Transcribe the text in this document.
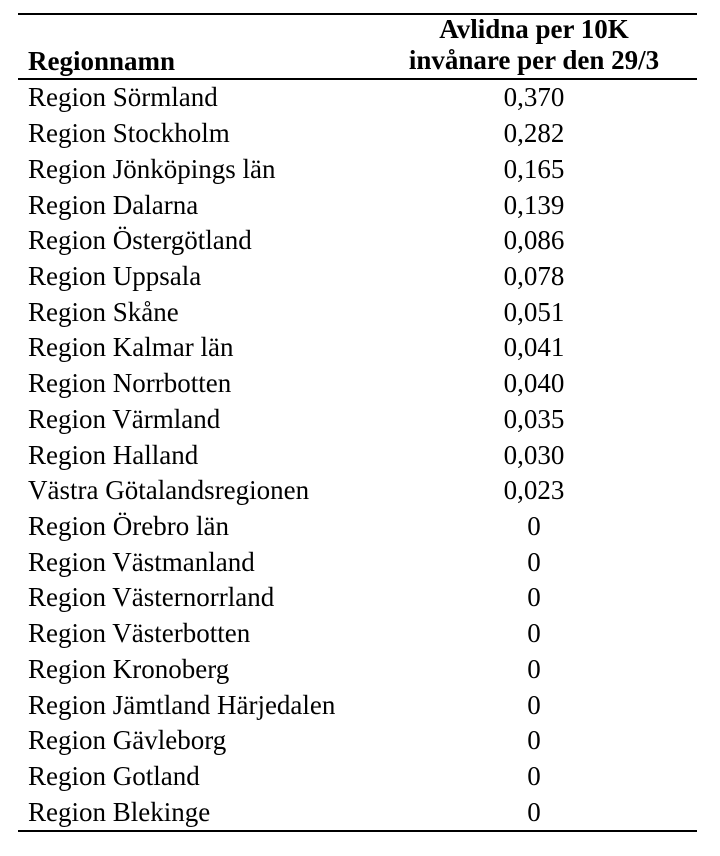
Regionnamn
Avlidna per 10K
invånare per den 29/3
Region Sörmland	0,370
Region Stockholm	0,282
Region Jönköpings län	0,165
Region Dalarna	0,139
Region Östergötland	0,086
Region Uppsala	0,078
Region Skåne	0,051
Region Kalmar län	0,041
Region Norrbotten	0,040
Region Värmland	0,035
Region Halland	0,030
Västra Götalandsregionen	0,023
Region Örebro län	0
Region Västmanland	0
Region Västernorrland	0
Region Västerbotten	0
Region Kronoberg	0
Region Jämtland Härjedalen	0
Region Gävleborg	0
Region Gotland	0
Region Blekinge	0
